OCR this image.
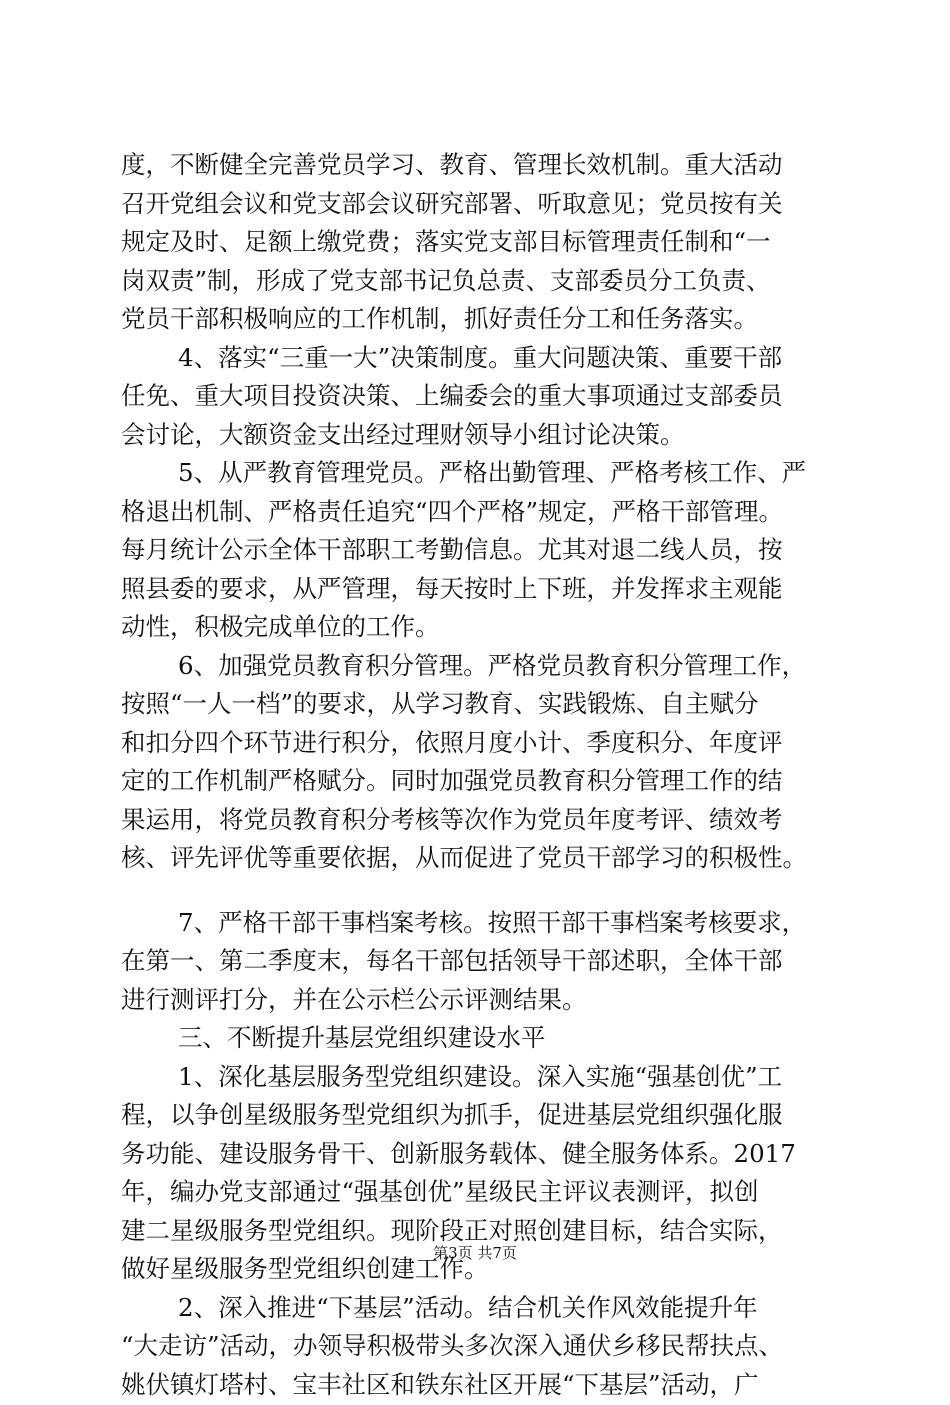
度，不断健全完善党员学习、教育、管理长效机制。重大活动
召开党组会议和党支部会议研究部署、听取意见；党员按有关
规定及时、足额上缴党费；落实党支部目标管理责任制和“一
岗双责”制，形成了党支部书记负总责、支部委员分工负责、
党员干部积极响应的工作机制，抓好责任分工和任务落实。
4、落实“三重一大”决策制度。重大问题决策、重要干部
任免、重大项目投资决策、上编委会的重大事项通过支部委员
会讨论，大额资金支出经过理财领导小组讨论决策。
5、从严教育管理党员。严格出勤管理、严格考核工作、严
格退出机制、严格责任追究“四个严格”规定，严格干部管理。
每月统计公示全体干部职工考勤信息。尤其对退二线人员，按
照县委的要求，从严管理，每天按时上下班，并发挥求主观能
动性，积极完成单位的工作。
6、加强党员教育积分管理。严格党员教育积分管理工作，
按照“一人一档”的要求，从学习教育、实践锻炼、自主赋分
和扣分四个环节进行积分，依照月度小计、季度积分、年度评
定的工作机制严格赋分。同时加强党员教育积分管理工作的结
果运用，将党员教育积分考核等次作为党员年度考评、绩效考
核、评先评优等重要依据，从而促进了党员干部学习的积极性。
7、严格干部干事档案考核。按照干部干事档案考核要求，
在第一、第二季度末，每名干部包括领导干部述职，全体干部
进行测评打分，并在公示栏公示评测结果。
三、不断提升基层党组织建设水平
1、深化基层服务型党组织建设。深入实施“强基创优”工
程，以争创星级服务型党组织为抓手，促进基层党组织强化服
务功能、建设服务骨干、创新服务载体、健全服务体系。2017
年，编办党支部通过“强基创优”星级民主评议表测评，拟创
建二星级服务型党组织。现阶段正对照创建目标，结合实际，
做好星级服务型党组织创建工作。
2、深入推进“下基层”活动。结合机关作风效能提升年
“大走访”活动，办领导积极带头多次深入通伏乡移民帮扶点、
姚伏镇灯塔村、宝丰社区和铁东社区开展“下基层”活动，广
第3页 共7页
